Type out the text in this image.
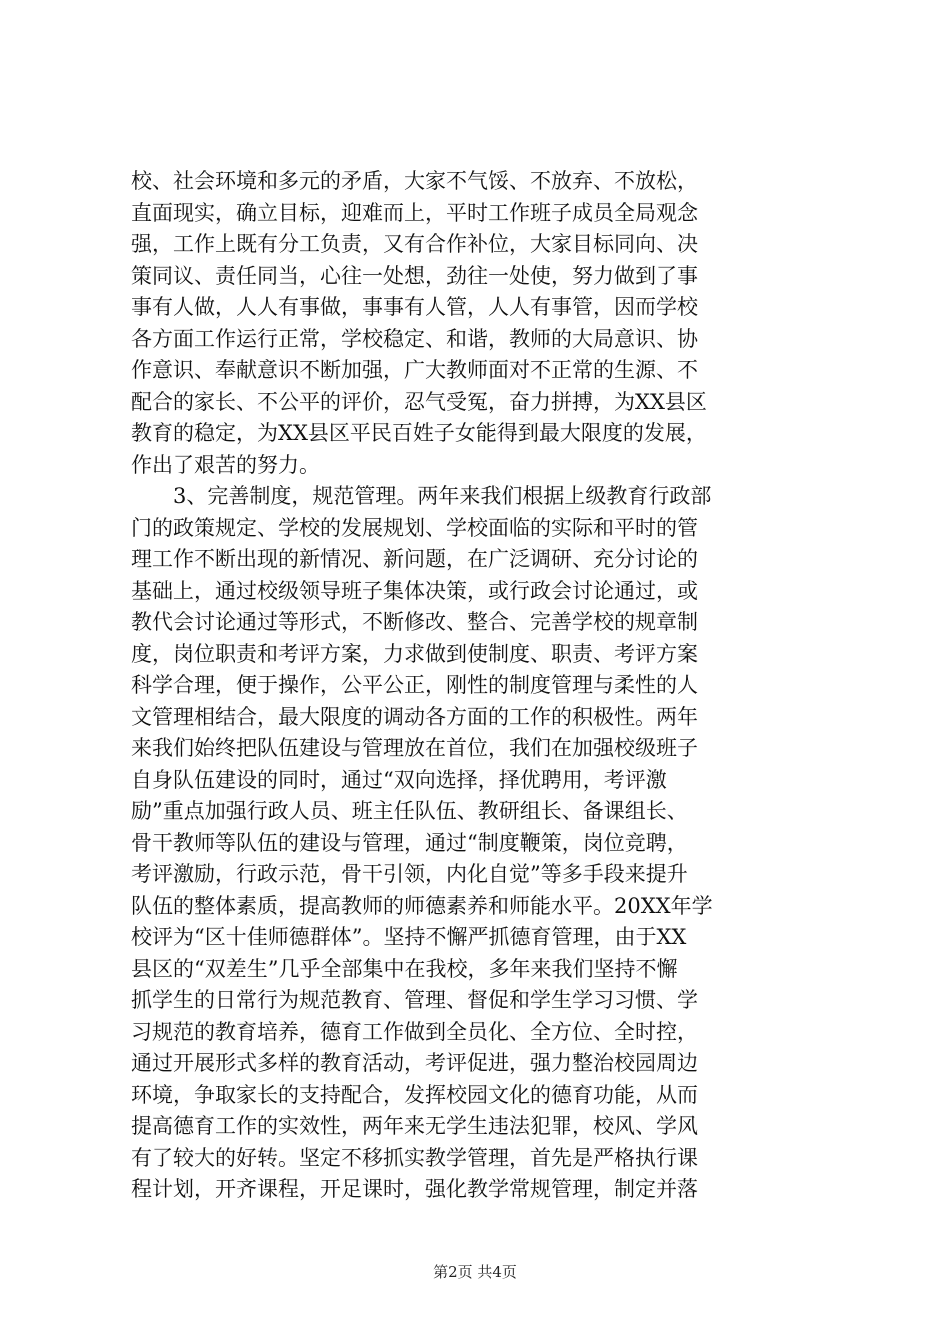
校、社会环境和多元的矛盾，大家不气馁、不放弃、不放松，
直面现实，确立目标，迎难而上，平时工作班子成员全局观念
强，工作上既有分工负责，又有合作补位，大家目标同向、决
策同议、责任同当，心往一处想，劲往一处使，努力做到了事
事有人做，人人有事做，事事有人管，人人有事管，因而学校
各方面工作运行正常，学校稳定、和谐，教师的大局意识、协
作意识、奉献意识不断加强，广大教师面对不正常的生源、不
配合的家长、不公平的评价，忍气受冤，奋力拼搏，为XX县区
教育的稳定，为XX县区平民百姓子女能得到最大限度的发展，
作出了艰苦的努力。
3、完善制度，规范管理。两年来我们根据上级教育行政部
门的政策规定、学校的发展规划、学校面临的实际和平时的管
理工作不断出现的新情况、新问题，在广泛调研、充分讨论的
基础上，通过校级领导班子集体决策，或行政会讨论通过，或
教代会讨论通过等形式，不断修改、整合、完善学校的规章制
度，岗位职责和考评方案，力求做到使制度、职责、考评方案
科学合理，便于操作，公平公正，刚性的制度管理与柔性的人
文管理相结合，最大限度的调动各方面的工作的积极性。两年
来我们始终把队伍建设与管理放在首位，我们在加强校级班子
自身队伍建设的同时，通过“双向选择，择优聘用，考评激
励”重点加强行政人员、班主任队伍、教研组长、备课组长、
骨干教师等队伍的建设与管理，通过“制度鞭策，岗位竞聘，
考评激励，行政示范，骨干引领，内化自觉”等多手段来提升
队伍的整体素质，提高教师的师德素养和师能水平。20XX年学
校评为“区十佳师德群体”。坚持不懈严抓德育管理，由于XX
县区的“双差生”几乎全部集中在我校，多年来我们坚持不懈
抓学生的日常行为规范教育、管理、督促和学生学习习惯、学
习规范的教育培养，德育工作做到全员化、全方位、全时控，
通过开展形式多样的教育活动，考评促进，强力整治校园周边
环境，争取家长的支持配合，发挥校园文化的德育功能，从而
提高德育工作的实效性，两年来无学生违法犯罪，校风、学风
有了较大的好转。坚定不移抓实教学管理，首先是严格执行课
程计划，开齐课程，开足课时，强化教学常规管理，制定并落
第2页 共4页
